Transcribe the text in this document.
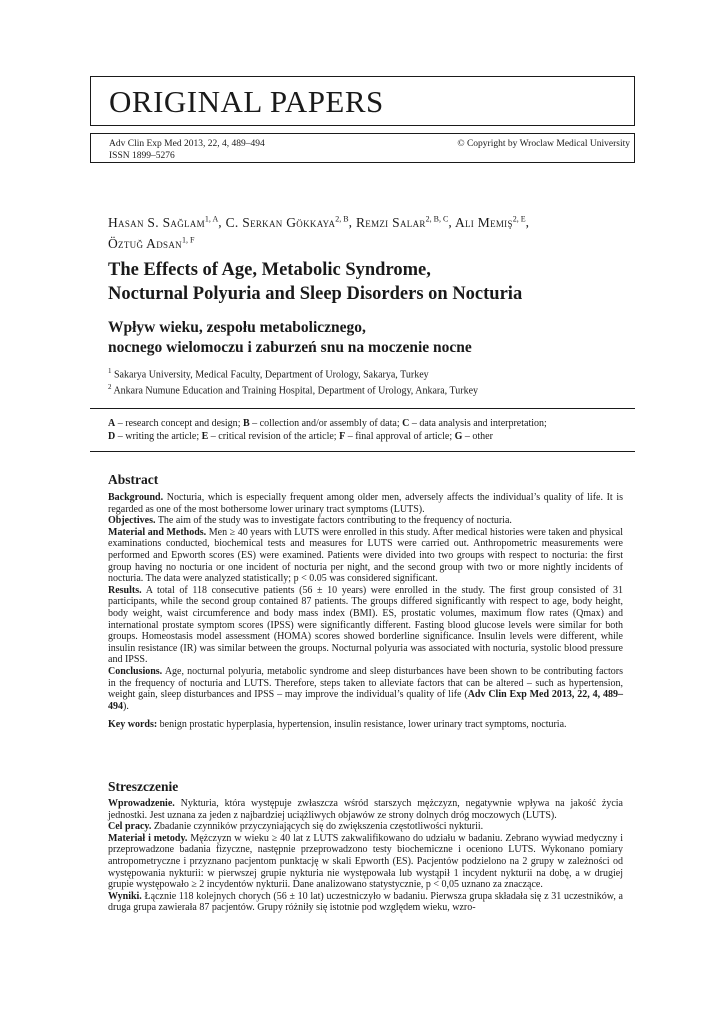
ORIGINAL PAPERS
Adv Clin Exp Med 2013, 22, 4, 489–494
ISSN 1899–5276
© Copyright by Wroclaw Medical University
Hasan S. Sağlam$^{1, A}$, C. Serkan Gökkaya$^{2, B}$, Remzi Salar$^{2, B, C}$, Ali Memiş$^{2, E}$,
Öztuğ Adsan$^{1, F}$
The Effects of Age, Metabolic Syndrome,
Nocturnal Polyuria and Sleep Disorders on Nocturia
Wpływ wieku, zespołu metabolicznego,
nocnego wielomoczu i zaburzeń snu na moczenie nocne
$^1$ Sakarya University, Medical Faculty, Department of Urology, Sakarya, Turkey
$^2$ Ankara Numune Education and Training Hospital, Department of Urology, Ankara, Turkey
A – research concept and design; B – collection and/or assembly of data; C – data analysis and interpretation;
D – writing the article; E – critical revision of the article; F – final approval of article; G – other
Abstract

Background. Nocturia, which is especially frequent among older men, adversely affects the individual’s quality of life. It is regarded as one of the most bothersome lower urinary tract symptoms (LUTS).

Objectives. The aim of the study was to investigate factors contributing to the frequency of nocturia.

Material and Methods. Men ≥ 40 years with LUTS were enrolled in this study. After medical histories were taken and physical examinations conducted, biochemical tests and measures for LUTS were carried out. Anthropometric measurements were performed and Epworth scores (ES) were examined. Patients were divided into two groups with respect to nocturia: the first group having no nocturia or one incident of nocturia per night, and the second group with two or more nightly incidents of nocturia. The data were analyzed statistically; p < 0.05 was considered significant.

Results. A total of 118 consecutive patients (56 ± 10 years) were enrolled in the study. The first group consisted of 31 participants, while the second group contained 87 patients. The groups differed significantly with respect to age, body height, body weight, waist circumference and body mass index (BMI). ES, prostatic volumes, maximum flow rates (Qmax) and international prostate symptom scores (IPSS) were significantly different. Fasting blood glucose levels were similar for both groups. Homeostasis model assessment (HOMA) scores showed borderline significance. Insulin levels were different, while insulin resistance (IR) was similar between the groups. Nocturnal polyuria was associated with nocturia, systolic blood pressure and IPSS.

Conclusions. Age, nocturnal polyuria, metabolic syndrome and sleep disturbances have been shown to be contributing factors in the frequency of nocturia and LUTS. Therefore, steps taken to alleviate factors that can be altered – such as hypertension, weight gain, sleep disturbances and IPSS – may improve the individual’s quality of life (Adv Clin Exp Med 2013, 22, 4, 489–494).

Key words: benign prostatic hyperplasia, hypertension, insulin resistance, lower urinary tract symptoms, nocturia.

Streszczenie

Wprowadzenie. Nykturia, która występuje zwłaszcza wśród starszych mężczyzn, negatywnie wpływa na jakość życia jednostki. Jest uznana za jeden z najbardziej uciążliwych objawów ze strony dolnych dróg moczowych (LUTS).

Cel pracy. Zbadanie czynników przyczyniających się do zwiększenia częstotliwości nykturii.

Materiał i metody. Mężczyzn w wieku ≥ 40 lat z LUTS zakwalifikowano do udziału w badaniu. Zebrano wywiad medyczny i przeprowadzone badania fizyczne, następnie przeprowadzono testy biochemiczne i oceniono LUTS. Wykonano pomiary antropometryczne i przyznano pacjentom punktację w skali Epworth (ES). Pacjentów podzielono na 2 grupy w zależności od występowania nykturii: w pierwszej grupie nykturia nie występowała lub wystąpił 1 incydent nykturii na dobę, a w drugiej grupie występowało ≥ 2 incydentów nykturii. Dane analizowano statystycznie, p < 0,05 uznano za znaczące.

Wyniki. Łącznie 118 kolejnych chorych (56 ± 10 lat) uczestniczyło w badaniu. Pierwsza grupa składała się z 31 uczestników, a druga grupa zawierała 87 pacjentów. Grupy różniły się istotnie pod względem wieku, wzro-
